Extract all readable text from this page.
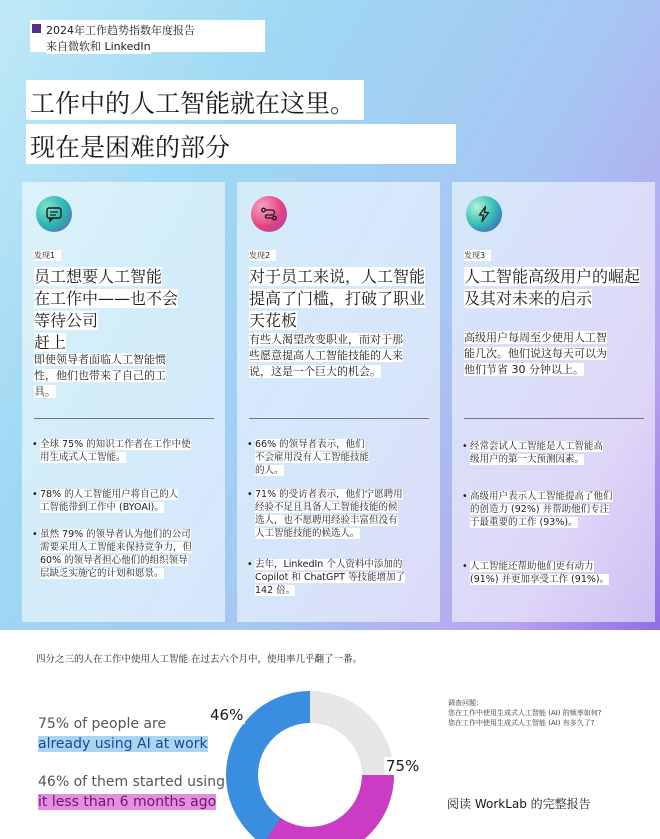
2024年工作趋势指数年度报告
来自微软和 LinkedIn
工作中的人工智能就在这里。
现在是困难的部分
发现1
员工想要人工智能
在工作中——也不会
等待公司
赶上
即使领导者面临人工智能惯
性，他们也带来了自己的工
具。
• 全球 75% 的知识工作者在工作中使
用生成式人工智能。
• 78% 的人工智能用户将自己的人
工智能带到工作中 (BYOAI)。
• 虽然 79% 的领导者认为他们的公司
需要采用人工智能来保持竞争力，但
60% 的领导者担心他们的组织领导
层缺乏实施它的计划和愿景。
发现2
对于员工来说，人工智能
提高了门槛，打破了职业
天花板
有些人渴望改变职业，而对于那
些愿意提高人工智能技能的人来
说，这是一个巨大的机会。
• 66% 的领导者表示，他们
不会雇用没有人工智能技能
的人。
• 71% 的受访者表示，他们宁愿聘用
经验不足且具备人工智能技能的候
选人，也不愿聘用经验丰富但没有
人工智能技能的候选人。
• 去年，LinkedIn 个人资料中添加的
Copilot 和 ChatGPT 等技能增加了
142 倍。
发现3
人工智能高级用户的崛起
及其对未来的启示
高级用户每周至少使用人工智
能几次。他们说这每天可以为
他们节省 30 分钟以上。
• 经常尝试人工智能是人工智能高
级用户的第一大预测因素。
• 高级用户表示人工智能提高了他们
的创造力 (92%) 并帮助他们专注
于最重要的工作 (93%)。
• 人工智能还帮助他们更有动力
(91%) 并更加享受工作 (91%)。
四分之三的人在工作中使用人工智能 在过去六个月中，使用率几乎翻了一番。
75% of people are
already using AI at work
46% of them started using
it less than 6 months ago
46%
75%
调查问题：
您在工作中使用生成式人工智能 (AI) 的频率如何?
您在工作中使用生成式人工智能 (AI) 有多久了?
阅读 WorkLab 的完整报告
